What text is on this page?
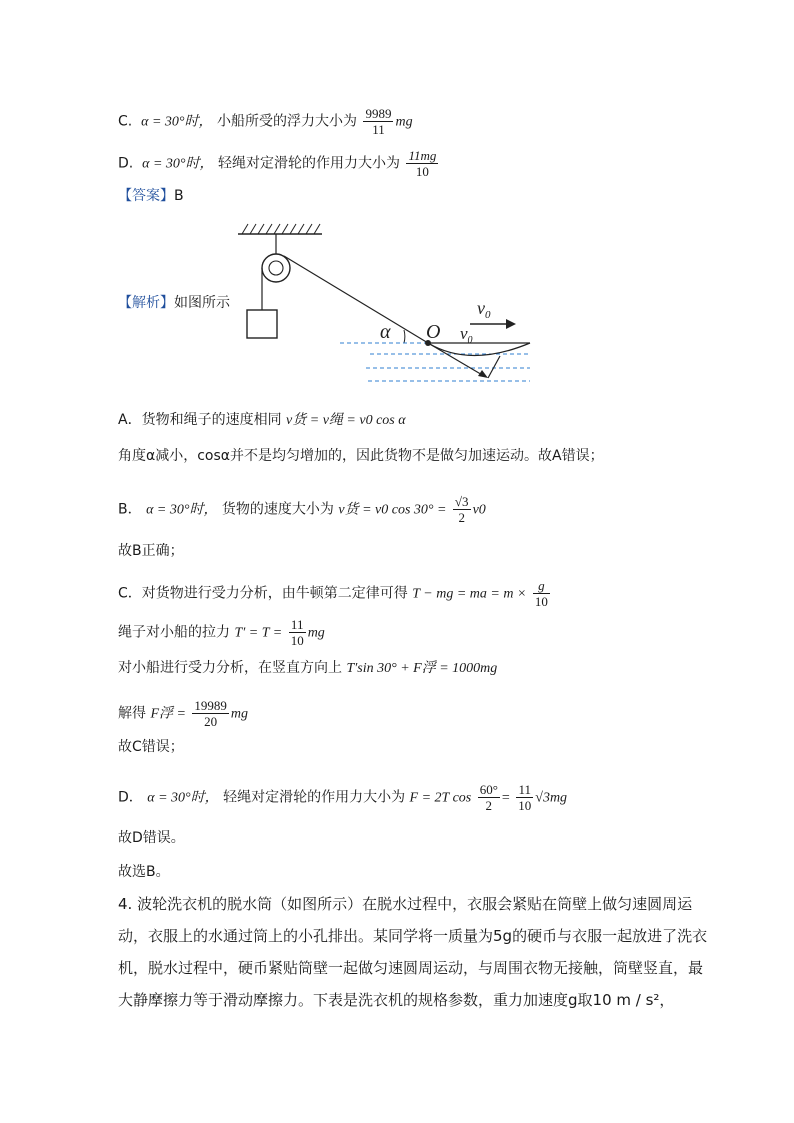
C. α = 30°时， 小船所受的浮力大小为 $\frac{9989}{11}$ mg
D. α = 30°时， 轻绳对定滑轮的作用力大小为 $\frac{11mg}{10}$
【答案】B
【解析】如图所示	$v_0$
$v_0$
α O
A．货物和绳子的速度相同 v货 = v绳 = v0 cos α
角度α减小，cosα并不是均匀增加的，因此货物不是做匀加速运动。故A错误；
B． α = 30°时， 货物的速度大小为 v货 = v0 $\cos 30^\circ = \frac{√3}{2} v0$
故B正确；
C．对货物进行受力分析，由牛顿第二定律可得 T − mg = ma = $m \times \frac{g}{10}$
绳子对小船的拉力 $T' = T = \frac{11}{10}$ mg
对小船进行受力分析，在竖直方向上 T′sin 30° + F浮 = 1000mg
解得 F浮 = $\frac{19989}{20}$ mg
故C错误；
D． α = 30°时， 轻绳对定滑轮的作用力大小为 F = 2T $\cos \frac{60^\circ}{2} = \frac{11}{10} √3mg$
故D错误。
故选B。
4. 波轮洗衣机的脱水筒（如图所示）在脱水过程中，衣服会紧贴在筒壁上做匀速圆周运
动，衣服上的水通过筒上的小孔排出。某同学将一质量为5g的硬币与衣服一起放进了洗衣
机，脱水过程中，硬币紧贴筒壁一起做匀速圆周运动，与周围衣物无接触，筒壁竖直，最
大静摩擦力等于滑动摩擦力。下表是洗衣机的规格参数，重力加速度g取10 m / s²，
